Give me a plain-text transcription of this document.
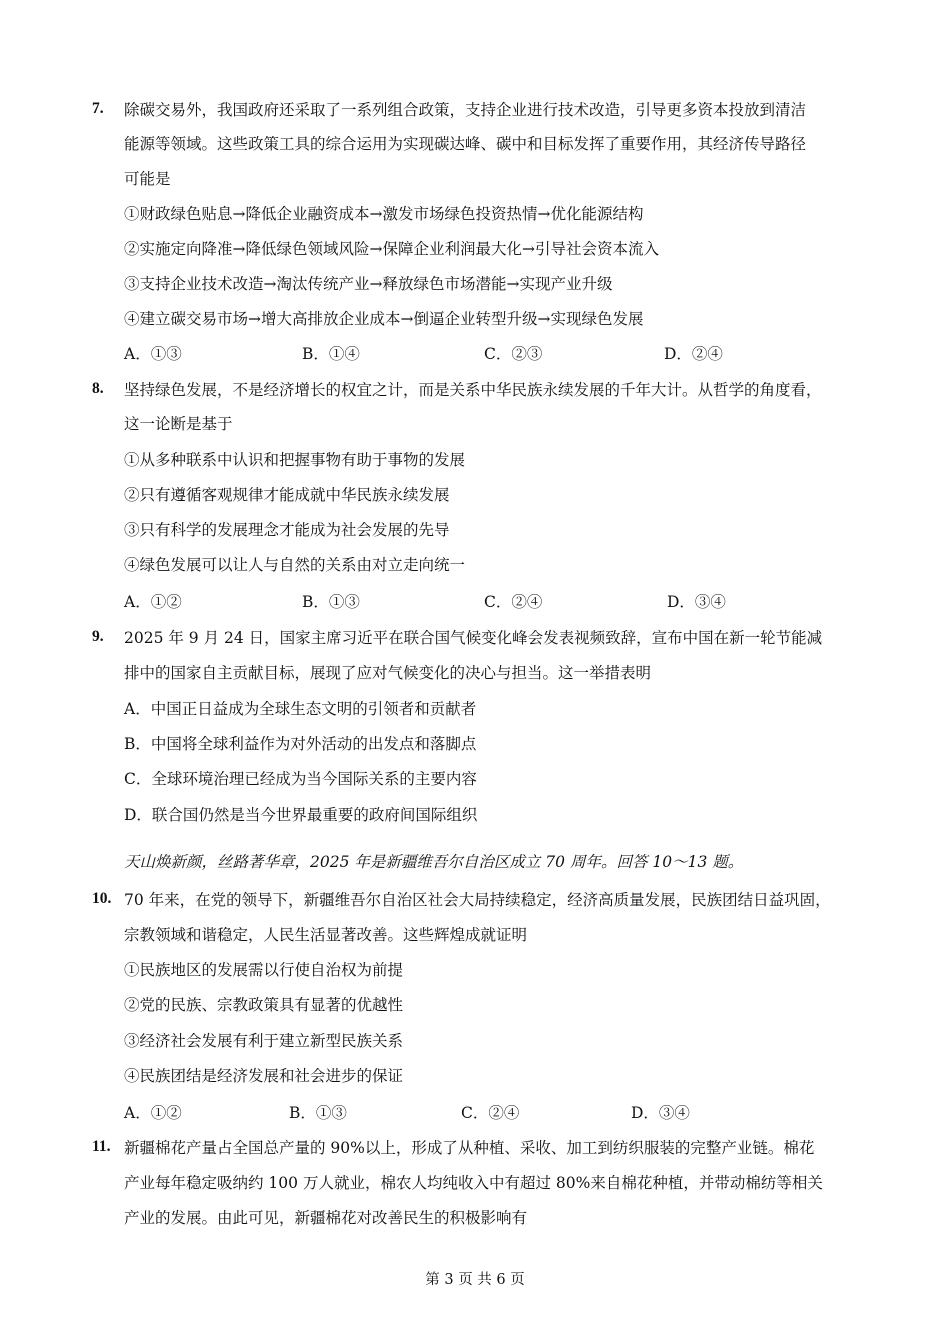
7. 除碳交易外，我国政府还采取了一系列组合政策，支持企业进行技术改造，引导更多资本投放到清洁
能源等领域。这些政策工具的综合运用为实现碳达峰、碳中和目标发挥了重要作用，其经济传导路径
可能是
①财政绿色贴息→降低企业融资成本→激发市场绿色投资热情→优化能源结构
②实施定向降准→降低绿色领域风险→保障企业利润最大化→引导社会资本流入
③支持企业技术改造→淘汰传统产业→释放绿色市场潜能→实现产业升级
④建立碳交易市场→增大高排放企业成本→倒逼企业转型升级→实现绿色发展
A．①③	B．①④	C．②③	D．②④
8. 坚持绿色发展，不是经济增长的权宜之计，而是关系中华民族永续发展的千年大计。从哲学的角度看，
这一论断是基于
①从多种联系中认识和把握事物有助于事物的发展
②只有遵循客观规律才能成就中华民族永续发展
③只有科学的发展理念才能成为社会发展的先导
④绿色发展可以让人与自然的关系由对立走向统一
A．①②	B．①③	C．②④	D．③④
9. 2025 年 9 月 24 日，国家主席习近平在联合国气候变化峰会发表视频致辞，宣布中国在新一轮节能减
排中的国家自主贡献目标，展现了应对气候变化的决心与担当。这一举措表明
A．中国正日益成为全球生态文明的引领者和贡献者
B．中国将全球利益作为对外活动的出发点和落脚点
C．全球环境治理已经成为当今国际关系的主要内容
D．联合国仍然是当今世界最重要的政府间国际组织
天山焕新颜，丝路著华章，2025 年是新疆维吾尔自治区成立 70 周年。回答 10～13 题。
10. 70 年来，在党的领导下，新疆维吾尔自治区社会大局持续稳定，经济高质量发展，民族团结日益巩固，
宗教领域和谐稳定，人民生活显著改善。这些辉煌成就证明
①民族地区的发展需以行使自治权为前提
②党的民族、宗教政策具有显著的优越性
③经济社会发展有利于建立新型民族关系
④民族团结是经济发展和社会进步的保证
A．①②	B．①③	C．②④	D．③④
11. 新疆棉花产量占全国总产量的 90%以上，形成了从种植、采收、加工到纺织服装的完整产业链。棉花
产业每年稳定吸纳约 100 万人就业，棉农人均纯收入中有超过 80%来自棉花种植，并带动棉纺等相关
产业的发展。由此可见，新疆棉花对改善民生的积极影响有
第 3 页 共 6 页
